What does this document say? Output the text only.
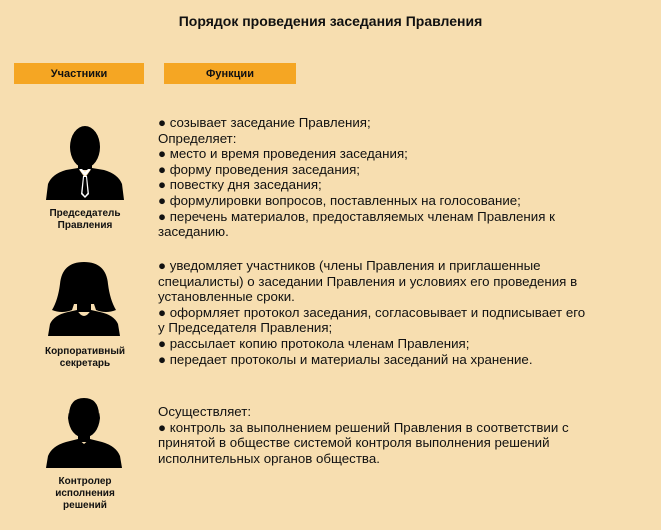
Порядок проведения заседания Правления
Участники	Функции
Председатель
Правления
● созывает заседание Правления;
Определяет:
● место и время проведения заседания;
● форму проведения заседания;
● повестку дня заседания;
● формулировки вопросов, поставленных на голосование;
● перечень материалов, предоставляемых членам Правления к
заседанию.
Корпоративный
секретарь
● уведомляет участников (члены Правления и приглашенные
специалисты) о заседании Правления и условиях его проведения в
установленные сроки.
● оформляет протокол заседания, согласовывает и подписывает его
у Председателя Правления;
● рассылает копию протокола членам Правления;
● передает протоколы и материалы заседаний на хранение.
Контролер
исполнения
решений
Осуществляет:
● контроль за выполнением решений Правления в соответствии с
принятой в обществе системой контроля выполнения решений
исполнительных органов общества.
